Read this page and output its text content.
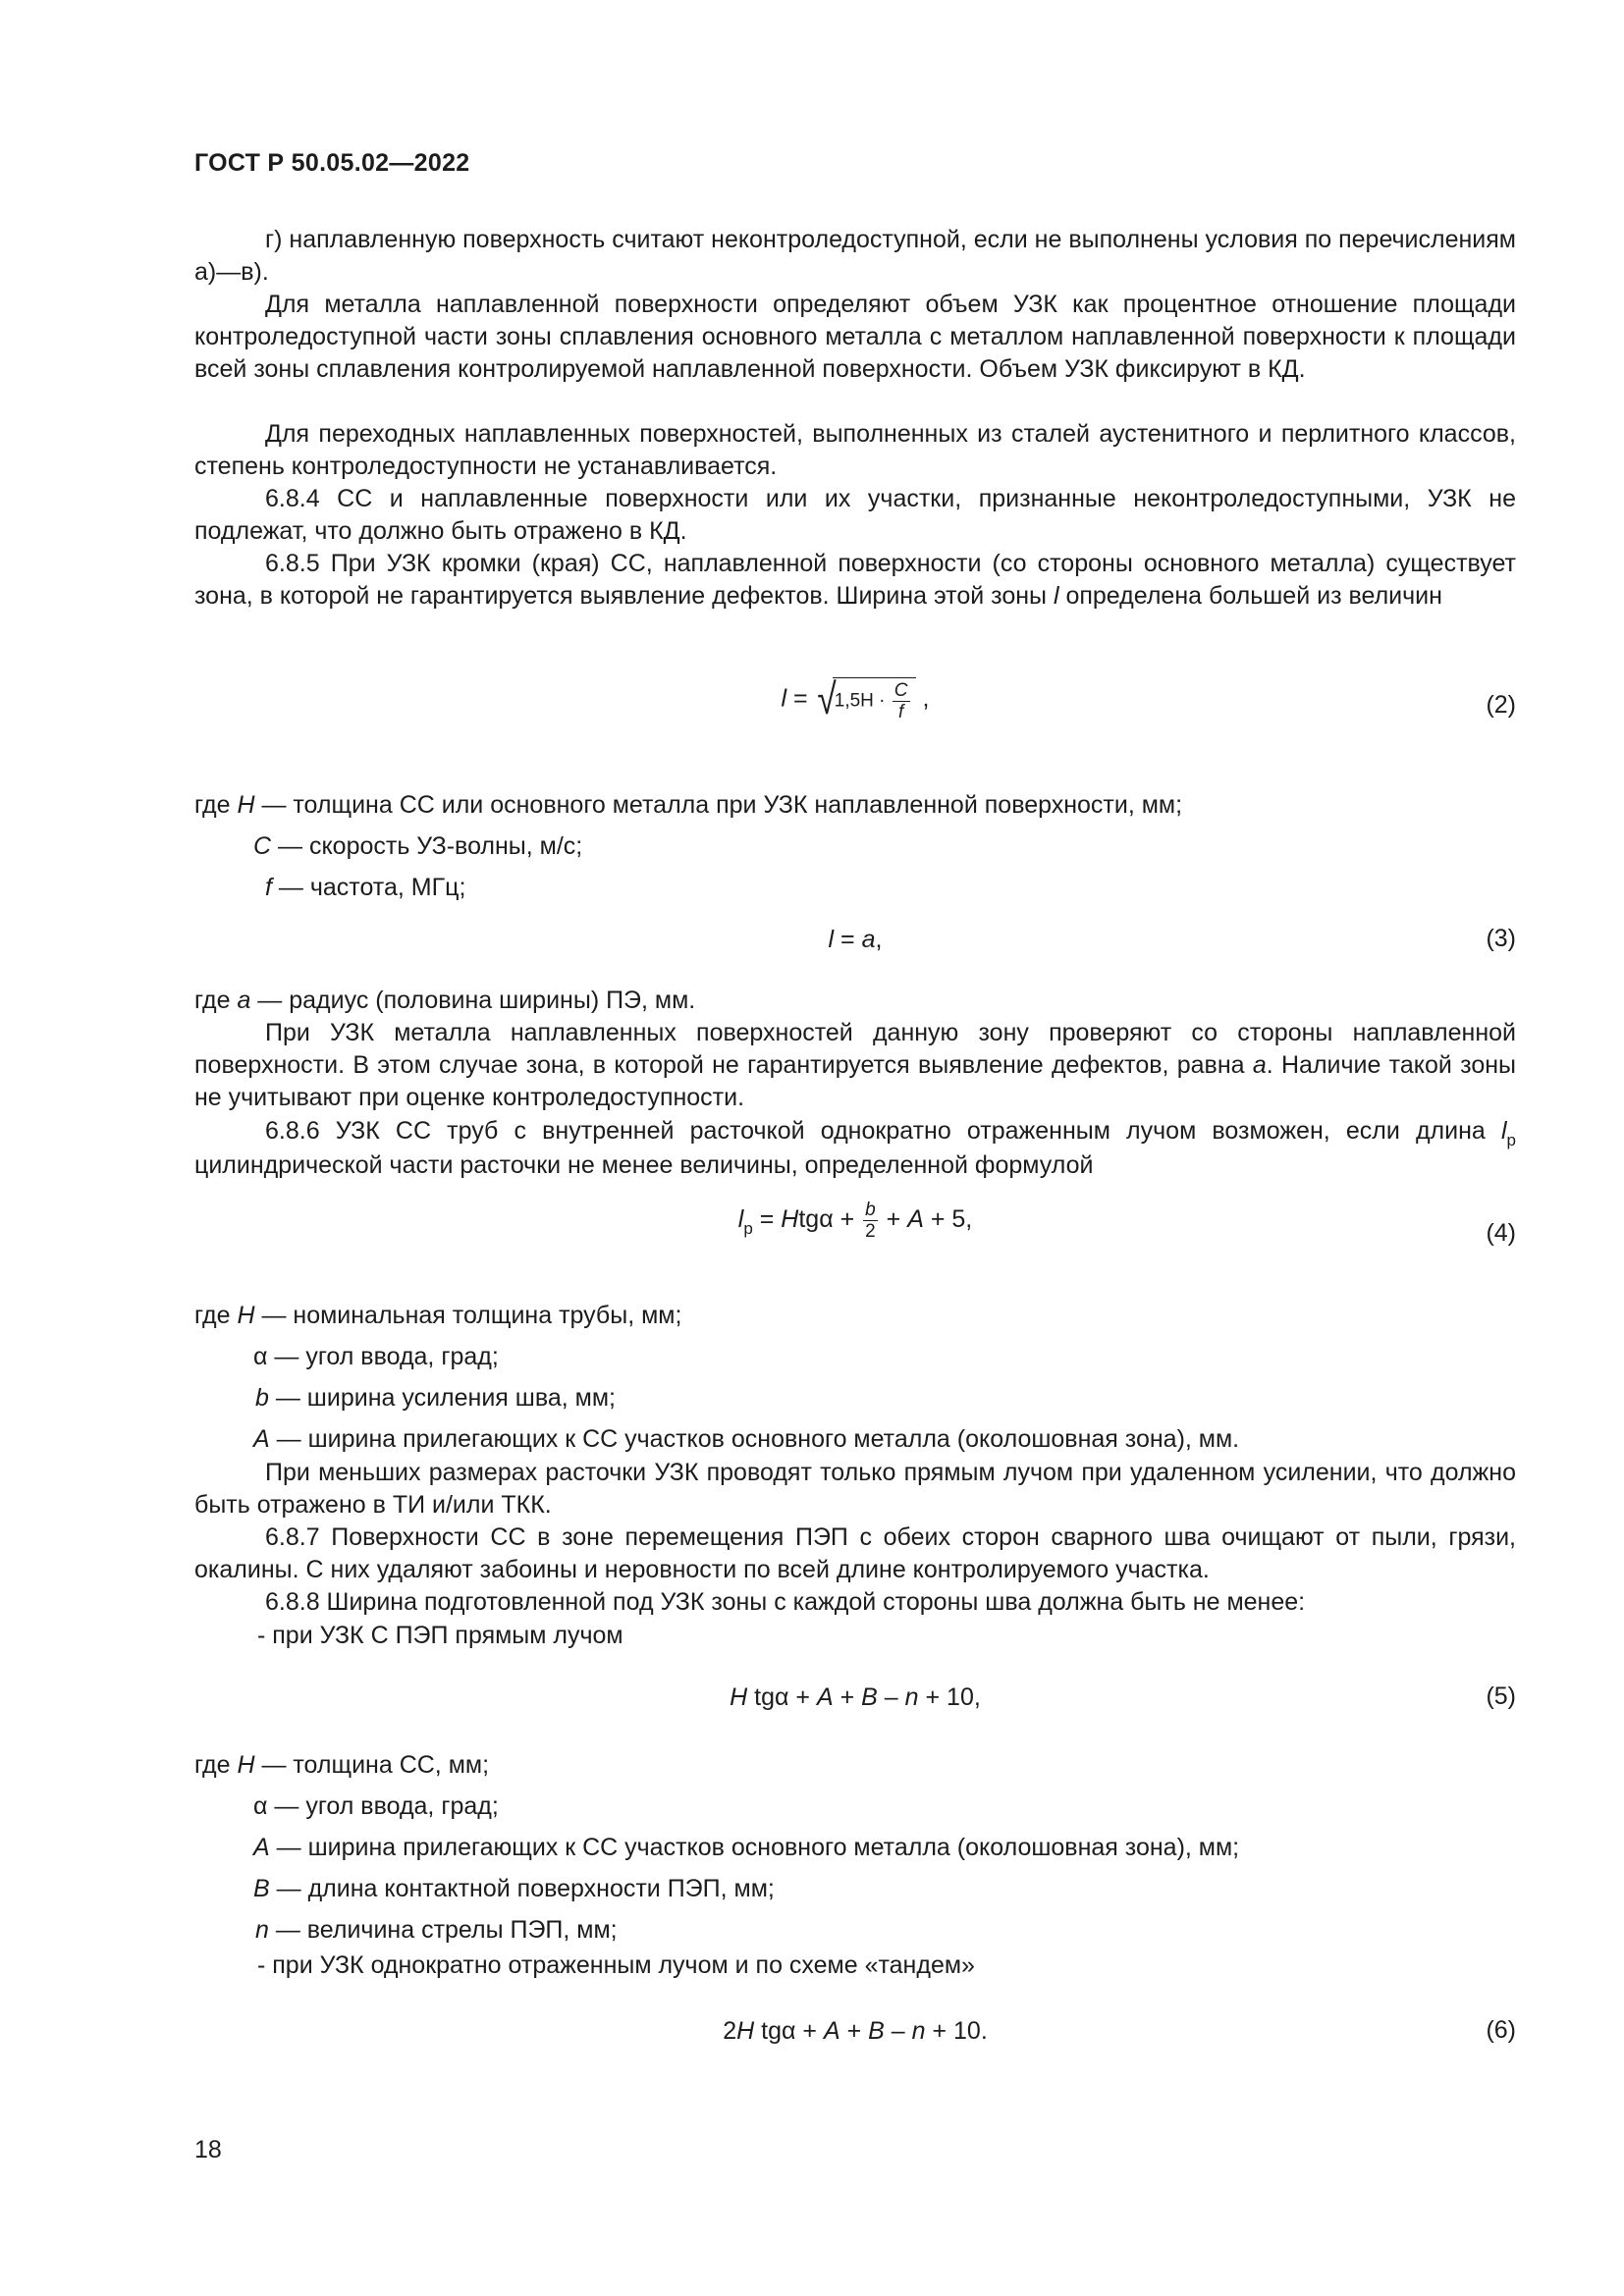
ГОСТ Р 50.05.02—2022

г) наплавленную поверхность считают неконтроледоступной, если не выполнены условия по перечислениям а)—в).

Для металла наплавленной поверхности определяют объем УЗК как процентное отношение площади контроледоступной части зоны сплавления основного металла с металлом наплавленной поверхности к площади всей зоны сплавления контролируемой наплавленной поверхности. Объем УЗК фиксируют в КД.

Для переходных наплавленных поверхностей, выполненных из сталей аустенитного и перлитного классов, степень контроледоступности не устанавливается.

6.8.4 СС и наплавленные поверхности или их участки, признанные неконтроледоступными, УЗК не подлежат, что должно быть отражено в КД.

6.8.5 При УЗК кромки (края) СС, наплавленной поверхности (со стороны основного металла) существует зона, в которой не гарантируется выявление дефектов. Ширина этой зоны l определена большей из величин

$l = √1,5H \cdot \frac{C}{f}$ ,	(2)
где H — толщина СС или основного металла при УЗК наплавленной поверхности, мм;
C — скорость УЗ-волны, м/с;
f — частота, МГц;
l = a,	(3)
где а — радиус (половина ширины) ПЭ, мм.

При УЗК металла наплавленных поверхностей данную зону проверяют со стороны наплавленной поверхности. В этом случае зона, в которой не гарантируется выявление дефектов, равна а. Наличие такой зоны не учитывают при оценке контроледоступности.

6.8.6 УЗК СС труб с внутренней расточкой однократно отраженным лучом возможен, если длина $l_р$ цилиндрической части расточки не менее величины, определенной формулой

$l_р = Htg\alpha + \frac{b}{2} + A + 5$,	(4)
где H — номинальная толщина трубы, мм;
α — угол ввода, град;
b — ширина усиления шва, мм;
A — ширина прилегающих к СС участков основного металла (околошовная зона), мм.

При меньших размерах расточки УЗК проводят только прямым лучом при удаленном усилении, что должно быть отражено в ТИ и/или ТКК.

6.8.7 Поверхности СС в зоне перемещения ПЭП с обеих сторон сварного шва очищают от пыли, грязи, окалины. С них удаляют забоины и неровности по всей длине контролируемого участка.

6.8.8 Ширина подготовленной под УЗК зоны с каждой стороны шва должна быть не менее:

- при УЗК С ПЭП прямым лучом
H tgα + A + B – n + 10,	(5)
где H — толщина СС, мм;
α — угол ввода, град;
A — ширина прилегающих к СС участков основного металла (околошовная зона), мм;
B — длина контактной поверхности ПЭП, мм;
n — величина стрелы ПЭП, мм;
- при УЗК однократно отраженным лучом и по схеме «тандем»
2H tgα + A + B – n + 10.	(6)
18
